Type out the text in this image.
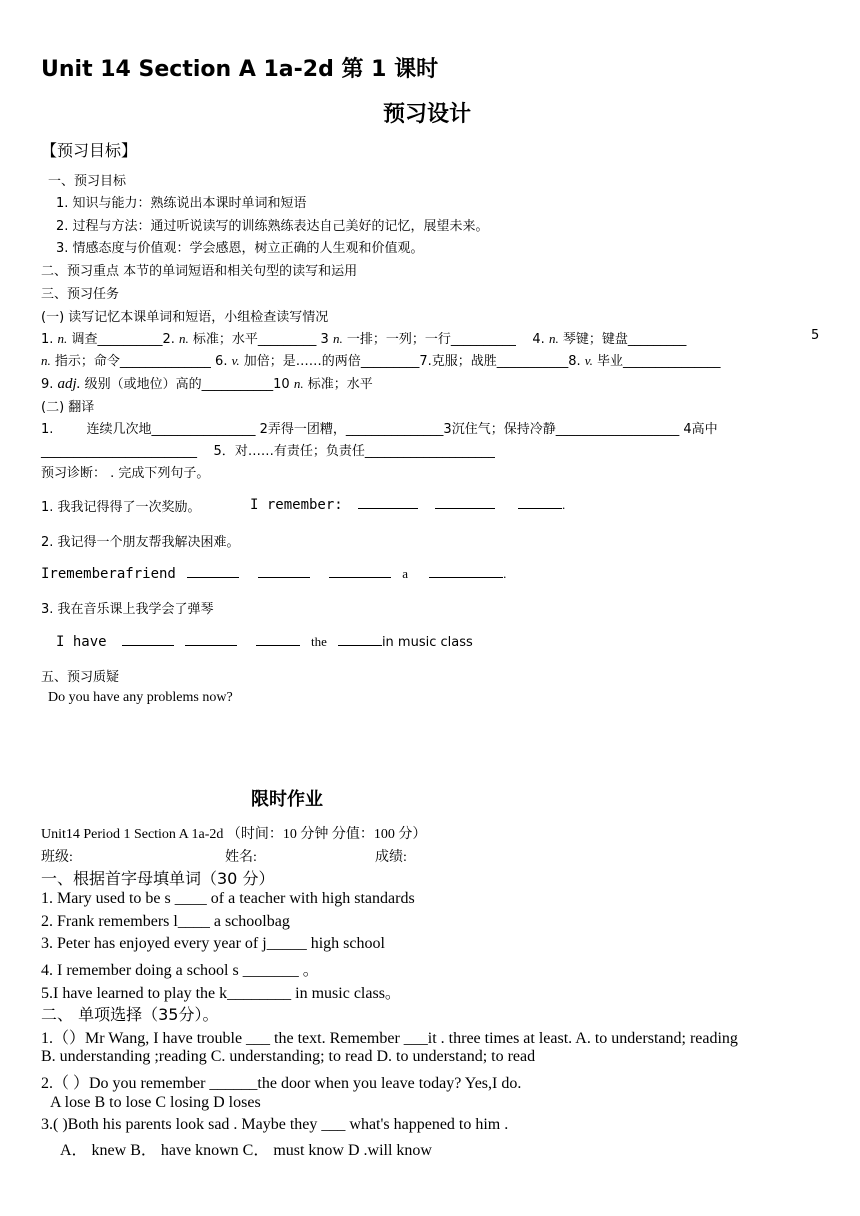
Unit 14 Section A 1a-2d 第 1 课时
预习设计
【预习目标】
一、预习目标
1. 知识与能力：熟练说出本课时单词和短语
2. 过程与方法：通过听说读写的训练熟练表达自己美好的记忆，展望未来。
3. 情感态度与价值观：学会感恩，树立正确的人生观和价值观。
二、预习重点 本节的单词短语和相关句型的读写和运用
三、预习任务
(一) 读写记忆本课单词和短语，小组检查读写情况
1. n. 调查__________2. n. 标准；水平_________ 3 n. 一排；一列；一行__________ 4. n. 琴键；键盘_________	5
n. 指示；命令______________ 6. v. 加倍；是……的两倍_________7.克服；战胜___________8. v. 毕业_______________
9. adj. 级别（或地位）高的___________10 n. 标准；水平
(二) 翻译
1.	连续几次地________________ 2弄得一团糟，_______________3沉住气；保持冷静___________________ 4高中
________________________ 5．对……有责任；负责任____________________
预习诊断： . 完成下列句子。
1. 我我记得得了一次奖励。	I remember:	.
2. 我记得一个朋友帮我解决困难。
Irememberafriend	a	.
3. 我在音乐课上我学会了弹琴
I have	the	in music class
五、预习质疑
Do you have any problems now?
限时作业
Unit14 Period 1 Section A 1a-2d （时间：10 分钟 分值：100 分）
班级:	姓名:	成绩:
一、根据首字母填单词（30 分）
1. Mary used to be s ____ of a teacher with high standards
2. Frank remembers l____ a schoolbag
3. Peter has enjoyed every year of j_____ high school
4. I remember doing a school s _______ 。
5.I have learned to play the k________ in music class。
二、 单项选择（35分）。
1.（）Mr Wang, I have trouble ___ the text. Remember ___it . three times at least. A. to understand; reading
B. understanding ;reading C. understanding; to read D. to understand; to read
2.（ ）Do you remember ______the door when you leave today? Yes,I do.
A lose B to lose C losing D loses
3.( )Both his parents look sad . Maybe they ___ what's happened to him .
A． knew B． have known C． must know D .will know
